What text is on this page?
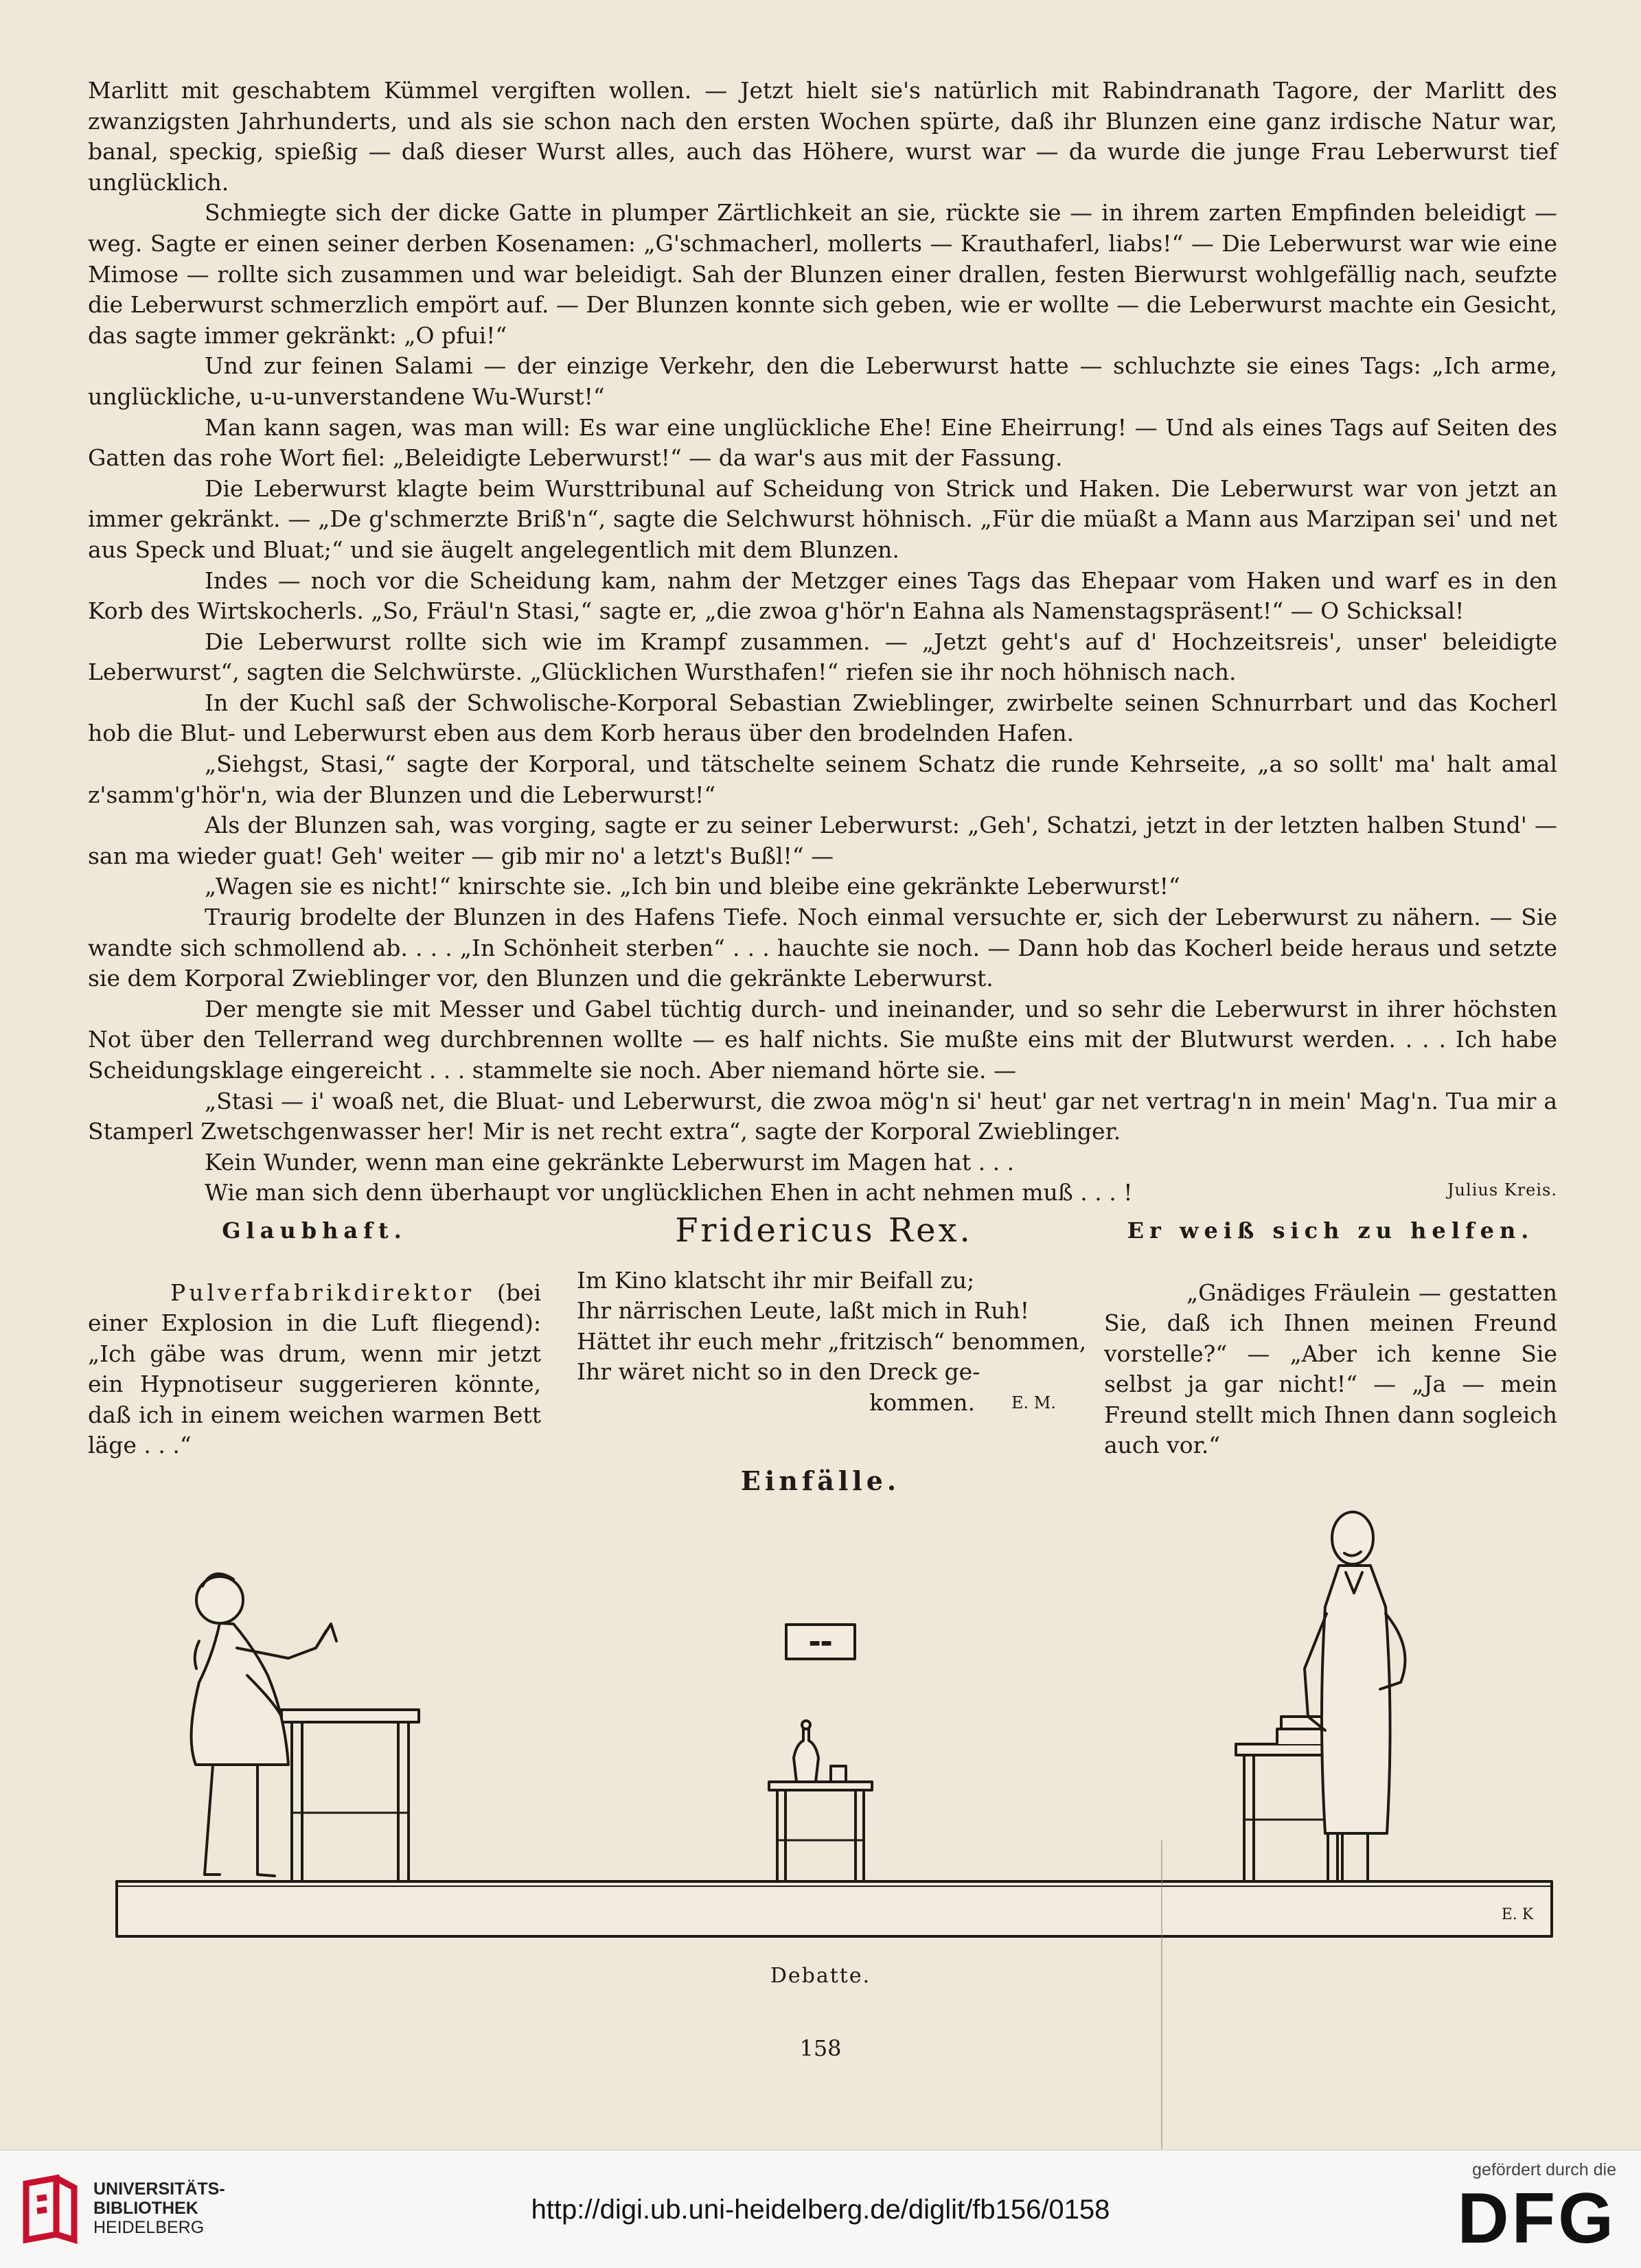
Marlitt mit geschabtem Kümmel vergiften wollen. — Jetzt hielt sie's natürlich mit Rabindranath Tagore, der Marlitt des zwanzigsten Jahrhunderts, und als sie schon nach den ersten Wochen spürte, daß ihr Blunzen eine ganz irdische Natur war, banal, speckig, spießig — daß dieser Wurst alles, auch das Höhere, wurst war — da wurde die junge Frau Leberwurst tief unglücklich.

Schmiegte sich der dicke Gatte in plumper Zärtlichkeit an sie, rückte sie — in ihrem zarten Empfinden beleidigt — weg. Sagte er einen seiner derben Kosenamen: „G'schmacherl, mollerts — Krauthaferl, liabs!“ — Die Leberwurst war wie eine Mimose — rollte sich zusammen und war beleidigt. Sah der Blunzen einer drallen, festen Bierwurst wohlgefällig nach, seufzte die Leberwurst schmerzlich empört auf. — Der Blunzen konnte sich geben, wie er wollte — die Leberwurst machte ein Gesicht, das sagte immer gekränkt: „O pfui!“

Und zur feinen Salami — der einzige Verkehr, den die Leberwurst hatte — schluchzte sie eines Tags: „Ich arme, unglückliche, u-u-unverstandene Wu-Wurst!“

Man kann sagen, was man will: Es war eine unglückliche Ehe! Eine Eheirrung! — Und als eines Tags auf Seiten des Gatten das rohe Wort fiel: „Beleidigte Leberwurst!“ — da war's aus mit der Fassung.

Die Leberwurst klagte beim Wursttribunal auf Scheidung von Strick und Haken. Die Leberwurst war von jetzt an immer gekränkt. — „De g'schmerzte Briß'n“, sagte die Selchwurst höhnisch. „Für die müaßt a Mann aus Marzipan sei' und net aus Speck und Bluat;“ und sie äugelt angelegentlich mit dem Blunzen.

Indes — noch vor die Scheidung kam, nahm der Metzger eines Tags das Ehepaar vom Haken und warf es in den Korb des Wirtskocherls. „So, Fräul'n Stasi,“ sagte er, „die zwoa g'hör'n Eahna als Namenstagspräsent!“ — O Schicksal!

Die Leberwurst rollte sich wie im Krampf zusammen. — „Jetzt geht's auf d' Hochzeitsreis', unser' beleidigte Leberwurst“, sagten die Selchwürste. „Glücklichen Wursthafen!“ riefen sie ihr noch höhnisch nach.

In der Kuchl saß der Schwolische-Korporal Sebastian Zwieblinger, zwirbelte seinen Schnurrbart und das Kocherl hob die Blut- und Leberwurst eben aus dem Korb heraus über den brodelnden Hafen.

„Siehgst, Stasi,“ sagte der Korporal, und tätschelte seinem Schatz die runde Kehrseite, „a so sollt' ma' halt amal z'samm'g'hör'n, wia der Blunzen und die Leberwurst!“

Als der Blunzen sah, was vorging, sagte er zu seiner Leberwurst: „Geh', Schatzi, jetzt in der letzten halben Stund' — san ma wieder guat! Geh' weiter — gib mir no' a letzt's Bußl!“ —

„Wagen sie es nicht!“ knirschte sie. „Ich bin und bleibe eine gekränkte Leberwurst!“

Traurig brodelte der Blunzen in des Hafens Tiefe. Noch einmal versuchte er, sich der Leberwurst zu nähern. — Sie wandte sich schmollend ab. . . . „In Schönheit sterben“ . . . hauchte sie noch. — Dann hob das Kocherl beide heraus und setzte sie dem Korporal Zwieblinger vor, den Blunzen und die gekränkte Leberwurst.

Der mengte sie mit Messer und Gabel tüchtig durch- und ineinander, und so sehr die Leberwurst in ihrer höchsten Not über den Tellerrand weg durchbrennen wollte — es half nichts. Sie mußte eins mit der Blutwurst werden. . . . Ich habe Scheidungsklage eingereicht . . . stammelte sie noch. Aber niemand hörte sie. —

„Stasi — i' woaß net, die Bluat- und Leberwurst, die zwoa mög'n si' heut' gar net vertrag'n in mein' Mag'n. Tua mir a Stamperl Zwetschgenwasser her! Mir is net recht extra“, sagte der Korporal Zwieblinger.

Kein Wunder, wenn man eine gekränkte Leberwurst im Magen hat . . .

Wie man sich denn überhaupt vor unglücklichen Ehen in acht nehmen muß . . . !	Julius Kreis.

Glaubhaft.

Pulverfabrikdirektor (bei einer Explosion in die Luft fliegend): „Ich gäbe was drum, wenn mir jetzt ein Hypnotiseur suggerieren könnte, daß ich in einem weichen warmen Bett läge . . .“

Fridericus Rex.

Im Kino klatscht ihr mir Beifall zu;
Ihr närrischen Leute, laßt mich in Ruh!
Hättet ihr euch mehr „fritzisch“ benommen,
Ihr wäret nicht so in den Dreck ge-
kommen.	E. M.

Er weiß sich zu helfen.

„Gnädiges Fräulein — gestatten Sie, daß ich Ihnen meinen Freund vorstelle?“ — „Aber ich kenne Sie selbst ja gar nicht!“ — „Ja — mein Freund stellt mich Ihnen dann sogleich auch vor.“

Einfälle.
▬▬
E. K
Debatte.
158
UNIVERSITÄTS-
BIBLIOTHEK
HEIDELBERG
http://digi.ub.uni-heidelberg.de/diglit/fb156/0158
gefördert durch die
DFG
